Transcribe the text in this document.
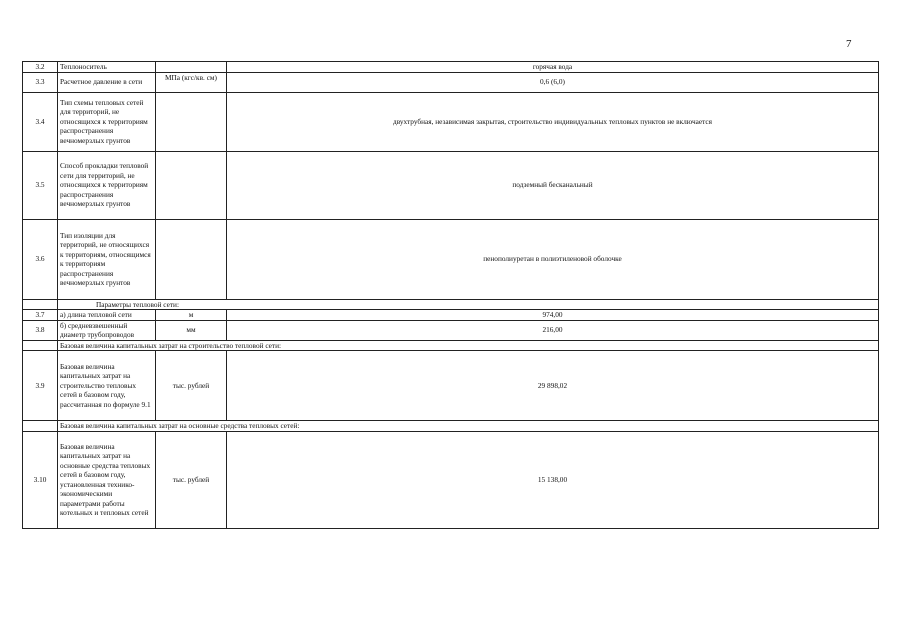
7
3.2	Теплоноситель		горячая вода
3.3	Расчетное давление в сети	МПа (кгс/кв. см)	0,6 (6,0)
3.4	Тип схемы тепловых сетей для территорий, не относящихся к территориям распространения вечномерзлых грунтов		двухтрубная, независимая закрытая, строительство индивидуальных тепловых пунктов не включается
3.5	Способ прокладки тепловой сети для территорий, не относящихся к территориям распространения вечномерзлых грунтов		подземный бесканальный
3.6	Тип изоляции для территорий, не относящихся к территориям, относящимся к территориям распространения вечномерзлых грунтов		пенополиуретан в полиэтиленовой оболочке
	Параметры тепловой сети:		
3.7	а) длина тепловой сети	м	974,00
3.8	б) средневзвешенный диаметр трубопроводов	мм	216,00
	Базовая величина капитальных затрат на строительство тепловой сети:		
3.9	Базовая величина капитальных затрат на строительство тепловых сетей в базовом году, рассчитанная по формуле 9.1	тыс. рублей	29 898,02
	Базовая величина капитальных затрат на основные средства тепловых сетей:		
3.10	Базовая величина капитальных затрат на основные средства тепловых сетей в базовом году, установленная технико-экономическими параметрами работы котельных и тепловых сетей	тыс. рублей	15 138,00
